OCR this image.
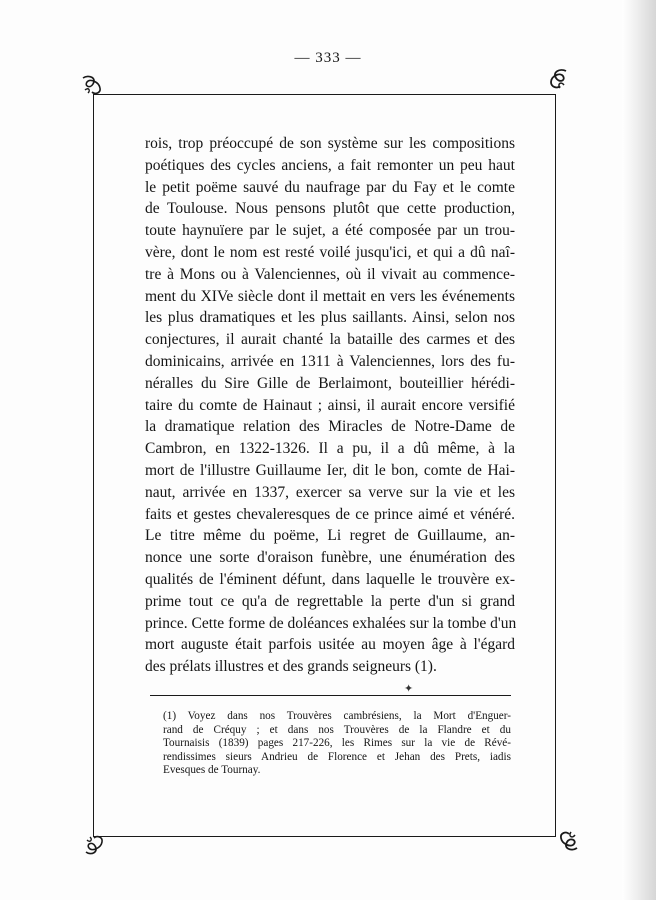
— 333 —
rois, trop préoccupé de son système sur les compositions
poétiques des cycles anciens, a fait remonter un peu haut
le petit poëme sauvé du naufrage par du Fay et le comte
de Toulouse. Nous pensons plutôt que cette production,
toute haynuïere par le sujet, a été composée par un trou-
vère, dont le nom est resté voilé jusqu'ici, et qui a dû naî-
tre à Mons ou à Valenciennes, où il vivait au commence-
ment du XIVe siècle dont il mettait en vers les événements
les plus dramatiques et les plus saillants. Ainsi, selon nos
conjectures, il aurait chanté la bataille des carmes et des
dominicains, arrivée en 1311 à Valenciennes, lors des fu-
néralles du Sire Gille de Berlaimont, bouteillier hérédi-
taire du comte de Hainaut ; ainsi, il aurait encore versifié
la dramatique relation des Miracles de Notre-Dame de
Cambron, en 1322-1326. Il a pu, il a dû même, à la
mort de l'illustre Guillaume Ier, dit le bon, comte de Hai-
naut, arrivée en 1337, exercer sa verve sur la vie et les
faits et gestes chevaleresques de ce prince aimé et vénéré.
Le titre même du poëme, Li regret de Guillaume, an-
nonce une sorte d'oraison funèbre, une énumération des
qualités de l'éminent défunt, dans laquelle le trouvère ex-
prime tout ce qu'a de regrettable la perte d'un si grand
prince. Cette forme de doléances exhalées sur la tombe d'un
mort auguste était parfois usitée au moyen âge à l'égard
des prélats illustres et des grands seigneurs (1).
✦
(1) Voyez dans nos Trouvères cambrésiens, la Mort d'Enguer-
rand de Créquy ; et dans nos Trouvères de la Flandre et du
Tournaisis (1839) pages 217-226, les Rimes sur la vie de Révé-
rendissimes sieurs Andrieu de Florence et Jehan des Prets, iadis
Evesques de Tournay.
